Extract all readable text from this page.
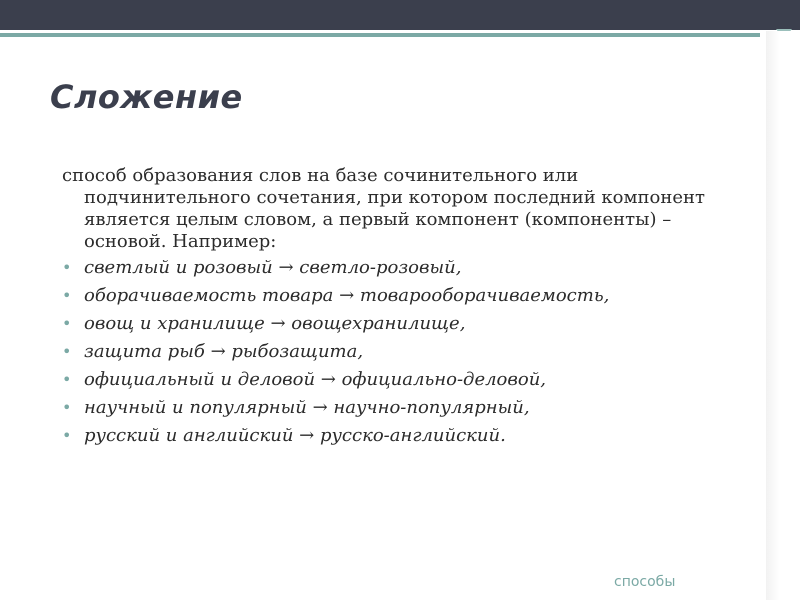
Сложение

способ образования слов на базе сочинительного или подчинительного сочетания, при котором последний компонент является целым словом, а первый компонент (компоненты) – основой. Например:

• светлый и розовый → светло-розовый,
• оборачиваемость товара → товарооборачиваемость,
• овощ и хранилище → овощехранилище,
• защита рыб → рыбозащита,
• официальный и деловой → официально-деловой,
• научный и популярный → научно-популярный,
• русский и английский → русско-английский.
способы
